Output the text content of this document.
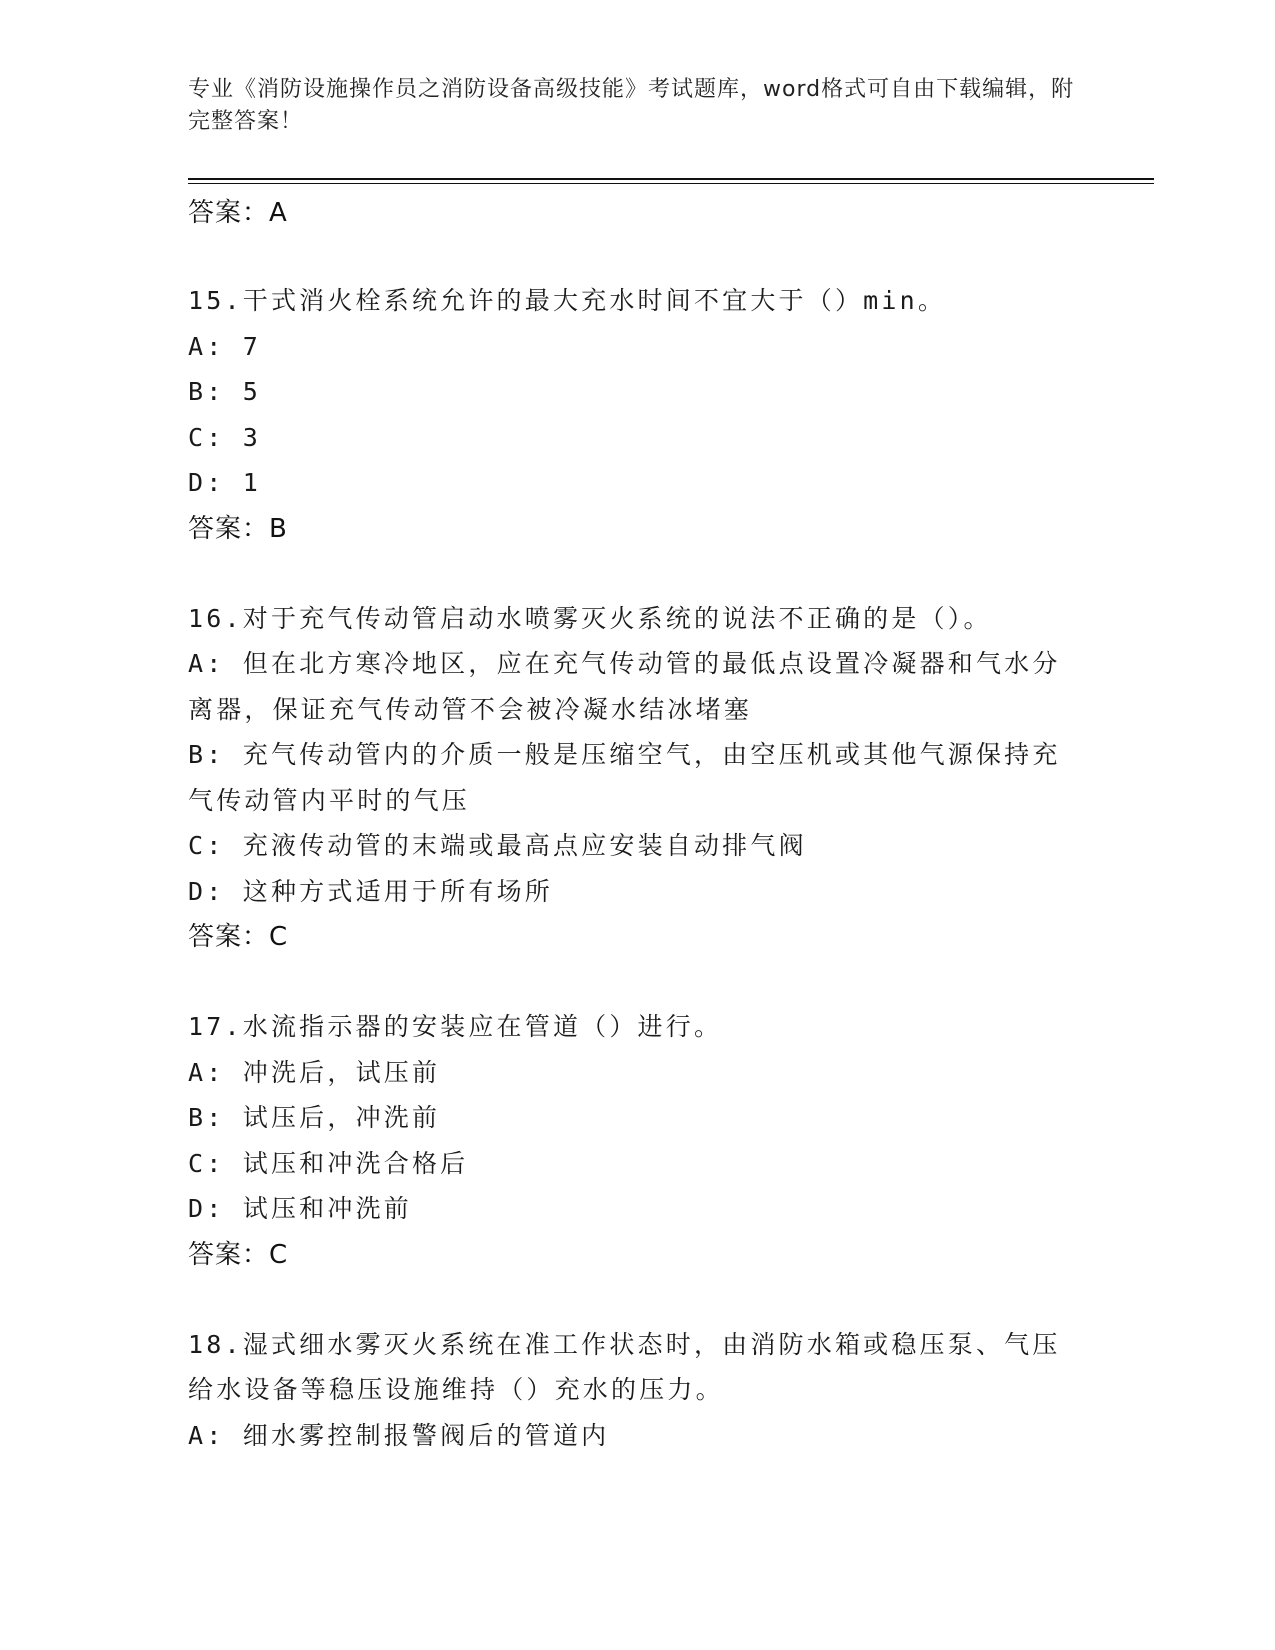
专业《消防设施操作员之消防设备高级技能》考试题库，word格式可自由下载编辑，附完整答案！

答案：A

15.干式消火栓系统允许的最大充水时间不宜大于（）min。

A: 7

B: 5

C: 3

D: 1

答案：B

16.对于充气传动管启动水喷雾灭火系统的说法不正确的是（）。

A: 但在北方寒冷地区，应在充气传动管的最低点设置冷凝器和气水分离器，保证充气传动管不会被冷凝水结冰堵塞

B: 充气传动管内的介质一般是压缩空气，由空压机或其他气源保持充气传动管内平时的气压

C: 充液传动管的末端或最高点应安装自动排气阀

D: 这种方式适用于所有场所

答案：C

17.水流指示器的安装应在管道（）进行。

A: 冲洗后，试压前

B: 试压后，冲洗前

C: 试压和冲洗合格后

D: 试压和冲洗前

答案：C

18.湿式细水雾灭火系统在准工作状态时，由消防水箱或稳压泵、气压给水设备等稳压设施维持（）充水的压力。

A: 细水雾控制报警阀后的管道内
